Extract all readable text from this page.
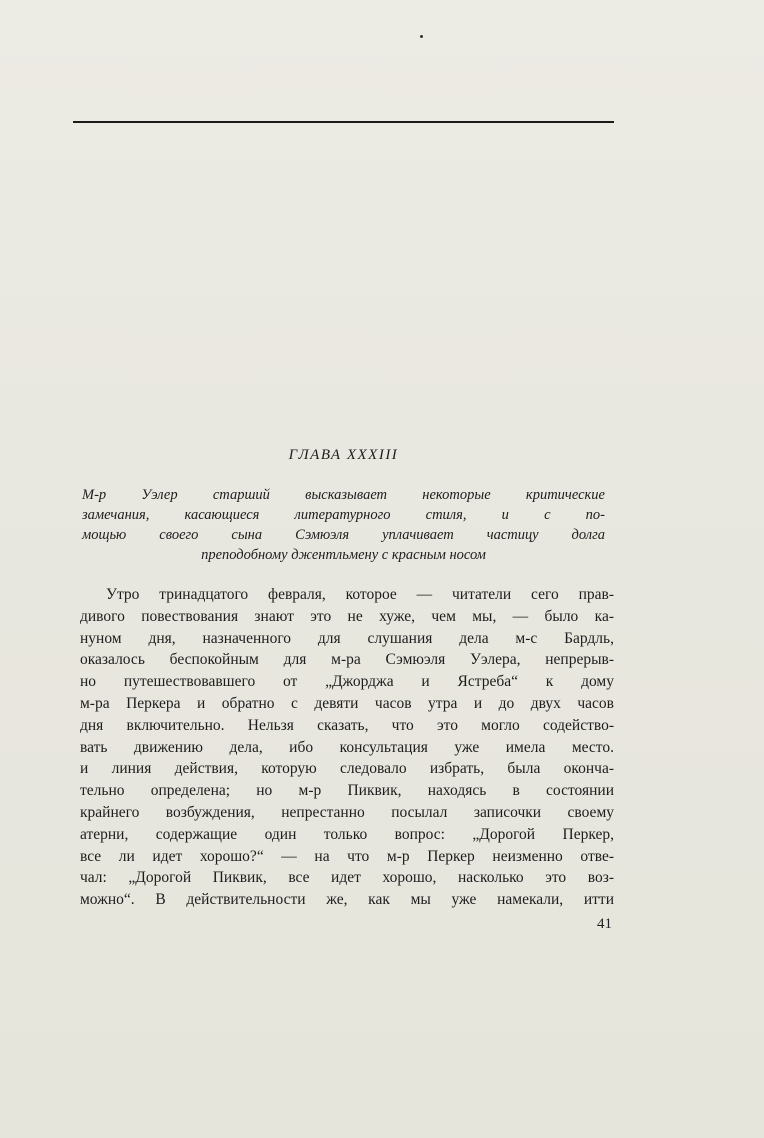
ГЛАВА XXXIII
М-р Уэлер старший высказывает некоторые критические
замечания, касающиеся литературного стиля, и с по-
мощью своего сына Сэмюэля уплачивает частицу долга
преподобному джентльмену с красным носом
Утро тринадцатого февраля, которое — читатели сего прав-
дивого повествования знают это не хуже, чем мы, — было ка-
нуном дня, назначенного для слушания дела м-с Бардль,
оказалось беспокойным для м-ра Сэмюэля Уэлера, непрерыв-
но путешествовавшего от „Джорджа и Ястреба“ к дому
м-ра Перкера и обратно с девяти часов утра и до двух часов
дня включительно. Нельзя сказать, что это могло содейство-
вать движению дела, ибо консультация уже имела место.
и линия действия, которую следовало избрать, была оконча-
тельно определена; но м-р Пиквик, находясь в состоянии
крайнего возбуждения, непрестанно посылал записочки своему
атерни, содержащие один только вопрос: „Дорогой Перкер,
все ли идет хорошо?“ — на что м-р Перкер неизменно отве-
чал: „Дорогой Пиквик, все идет хорошо, насколько это воз-
можно“. В действительности же, как мы уже намекали, итти
41
